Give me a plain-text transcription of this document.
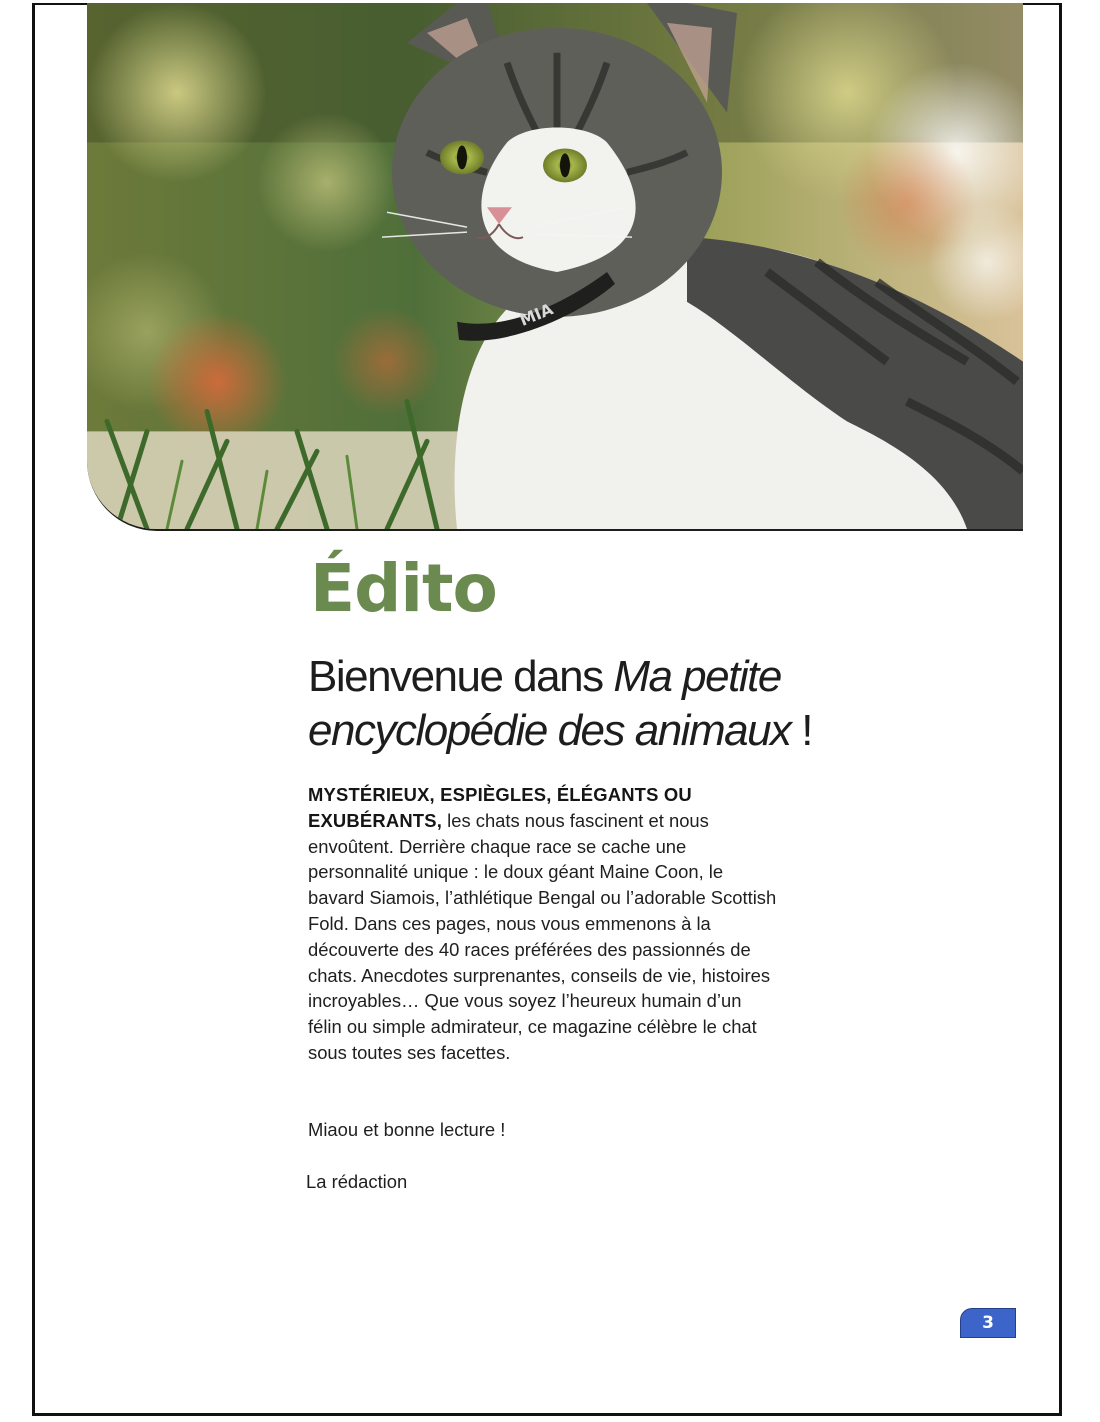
MIA
Édito
Bienvenue dans Ma petite encyclopédie des animaux !

MYSTÉRIEUX, ESPIÈGLES, ÉLÉGANTS OU EXUBÉRANTS, les chats nous fascinent et nous envoûtent. Derrière chaque race se cache une personnalité unique : le doux géant Maine Coon, le bavard Siamois, l’athlétique Bengal ou l’adorable Scottish Fold. Dans ces pages, nous vous emmenons à la découverte des 40 races préférées des passionnés de chats. Anecdotes surprenantes, conseils de vie, histoires incroyables… Que vous soyez l’heureux humain d’un félin ou simple admirateur, ce magazine célèbre le chat sous toutes ses facettes.

Miaou et bonne lecture !

La rédaction

3
